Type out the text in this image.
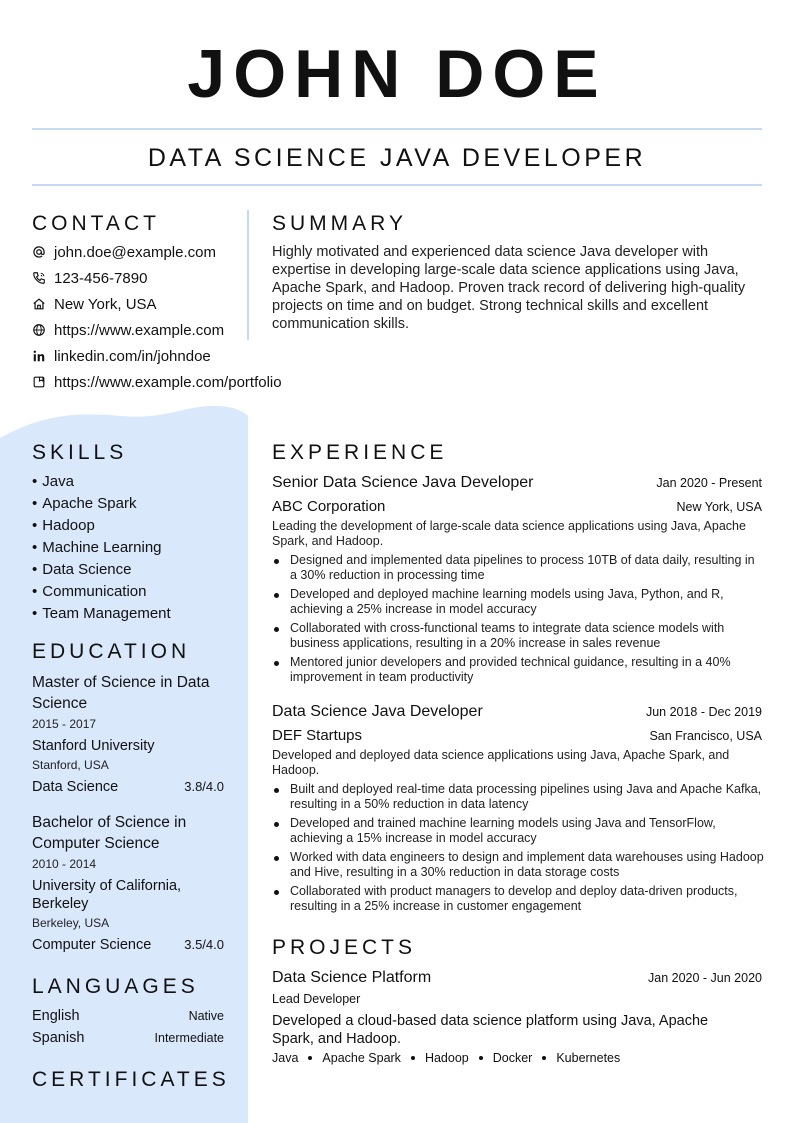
JOHN DOE
DATA SCIENCE JAVA DEVELOPER
CONTACT
john.doe@example.com
123-456-7890
New York, USA
https://www.example.com
linkedin.com/in/johndoe
https://www.example.com/portfolio
SUMMARY
Highly motivated and experienced data science Java developer with expertise in developing large-scale data science applications using Java, Apache Spark, and Hadoop. Proven track record of delivering high-quality projects on time and on budget. Strong technical skills and excellent communication skills.
SKILLS
• Java
• Apache Spark
• Hadoop
• Machine Learning
• Data Science
• Communication
• Team Management
EDUCATION
Master of Science in Data Science
2015 - 2017
Stanford University
Stanford, USA
Data Science	3.8/4.0
Bachelor of Science in Computer Science
2010 - 2014
University of California, Berkeley
Berkeley, USA
Computer Science	3.5/4.0
LANGUAGES
English	Native
Spanish	Intermediate
CERTIFICATES
EXPERIENCE
Senior Data Science Java Developer	Jan 2020 - Present
ABC Corporation	New York, USA
Leading the development of large-scale data science applications using Java, Apache Spark, and Hadoop.
Designed and implemented data pipelines to process 10TB of data daily, resulting in a 30% reduction in processing time
Developed and deployed machine learning models using Java, Python, and R, achieving a 25% increase in model accuracy
Collaborated with cross-functional teams to integrate data science models with business applications, resulting in a 20% increase in sales revenue
Mentored junior developers and provided technical guidance, resulting in a 40% improvement in team productivity
Data Science Java Developer	Jun 2018 - Dec 2019
DEF Startups	San Francisco, USA
Developed and deployed data science applications using Java, Apache Spark, and Hadoop.
Built and deployed real-time data processing pipelines using Java and Apache Kafka, resulting in a 50% reduction in data latency
Developed and trained machine learning models using Java and TensorFlow, achieving a 15% increase in model accuracy
Worked with data engineers to design and implement data warehouses using Hadoop and Hive, resulting in a 30% reduction in data storage costs
Collaborated with product managers to develop and deploy data-driven products, resulting in a 25% increase in customer engagement
PROJECTS
Data Science Platform	Jan 2020 - Jun 2020
Lead Developer
Developed a cloud-based data science platform using Java, Apache Spark, and Hadoop.
Java Apache Spark Hadoop Docker Kubernetes
